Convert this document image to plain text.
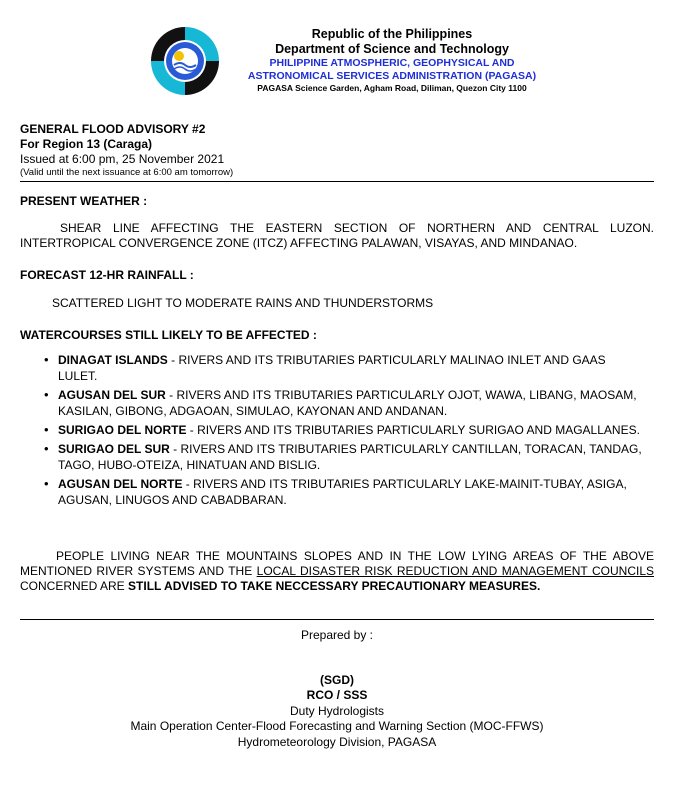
Republic of the Philippines
Department of Science and Technology
PHILIPPINE ATMOSPHERIC, GEOPHYSICAL AND
ASTRONOMICAL SERVICES ADMINISTRATION (PAGASA)
PAGASA Science Garden, Agham Road, Diliman, Quezon City 1100
GENERAL FLOOD ADVISORY #2
For Region 13 (Caraga)
Issued at 6:00 pm, 25 November 2021
(Valid until the next issuance at 6:00 am tomorrow)
PRESENT WEATHER :
SHEAR LINE AFFECTING THE EASTERN SECTION OF NORTHERN AND CENTRAL LUZON. INTERTROPICAL CONVERGENCE ZONE (ITCZ) AFFECTING PALAWAN, VISAYAS, AND MINDANAO.
FORECAST 12-HR RAINFALL :
SCATTERED LIGHT TO MODERATE RAINS AND THUNDERSTORMS
WATERCOURSES STILL LIKELY TO BE AFFECTED :
• DINAGAT ISLANDS - RIVERS AND ITS TRIBUTARIES PARTICULARLY MALINAO INLET AND GAAS LULET.
• AGUSAN DEL SUR - RIVERS AND ITS TRIBUTARIES PARTICULARLY OJOT, WAWA, LIBANG, MAOSAM, KASILAN, GIBONG, ADGAOAN, SIMULAO, KAYONAN AND ANDANAN.
• SURIGAO DEL NORTE - RIVERS AND ITS TRIBUTARIES PARTICULARLY SURIGAO AND MAGALLANES.
• SURIGAO DEL SUR - RIVERS AND ITS TRIBUTARIES PARTICULARLY CANTILLAN, TORACAN, TANDAG, TAGO, HUBO-OTEIZA, HINATUAN AND BISLIG.
• AGUSAN DEL NORTE - RIVERS AND ITS TRIBUTARIES PARTICULARLY LAKE-MAINIT-TUBAY, ASIGA, AGUSAN, LINUGOS AND CABADBARAN.
PEOPLE LIVING NEAR THE MOUNTAINS SLOPES AND IN THE LOW LYING AREAS OF THE ABOVE MENTIONED RIVER SYSTEMS AND THE LOCAL DISASTER RISK REDUCTION AND MANAGEMENT COUNCILS CONCERNED ARE STILL ADVISED TO TAKE NECCESSARY PRECAUTIONARY MEASURES.
Prepared by :
(SGD)
RCO / SSS
Duty Hydrologists
Main Operation Center-Flood Forecasting and Warning Section (MOC-FFWS)
Hydrometeorology Division, PAGASA
